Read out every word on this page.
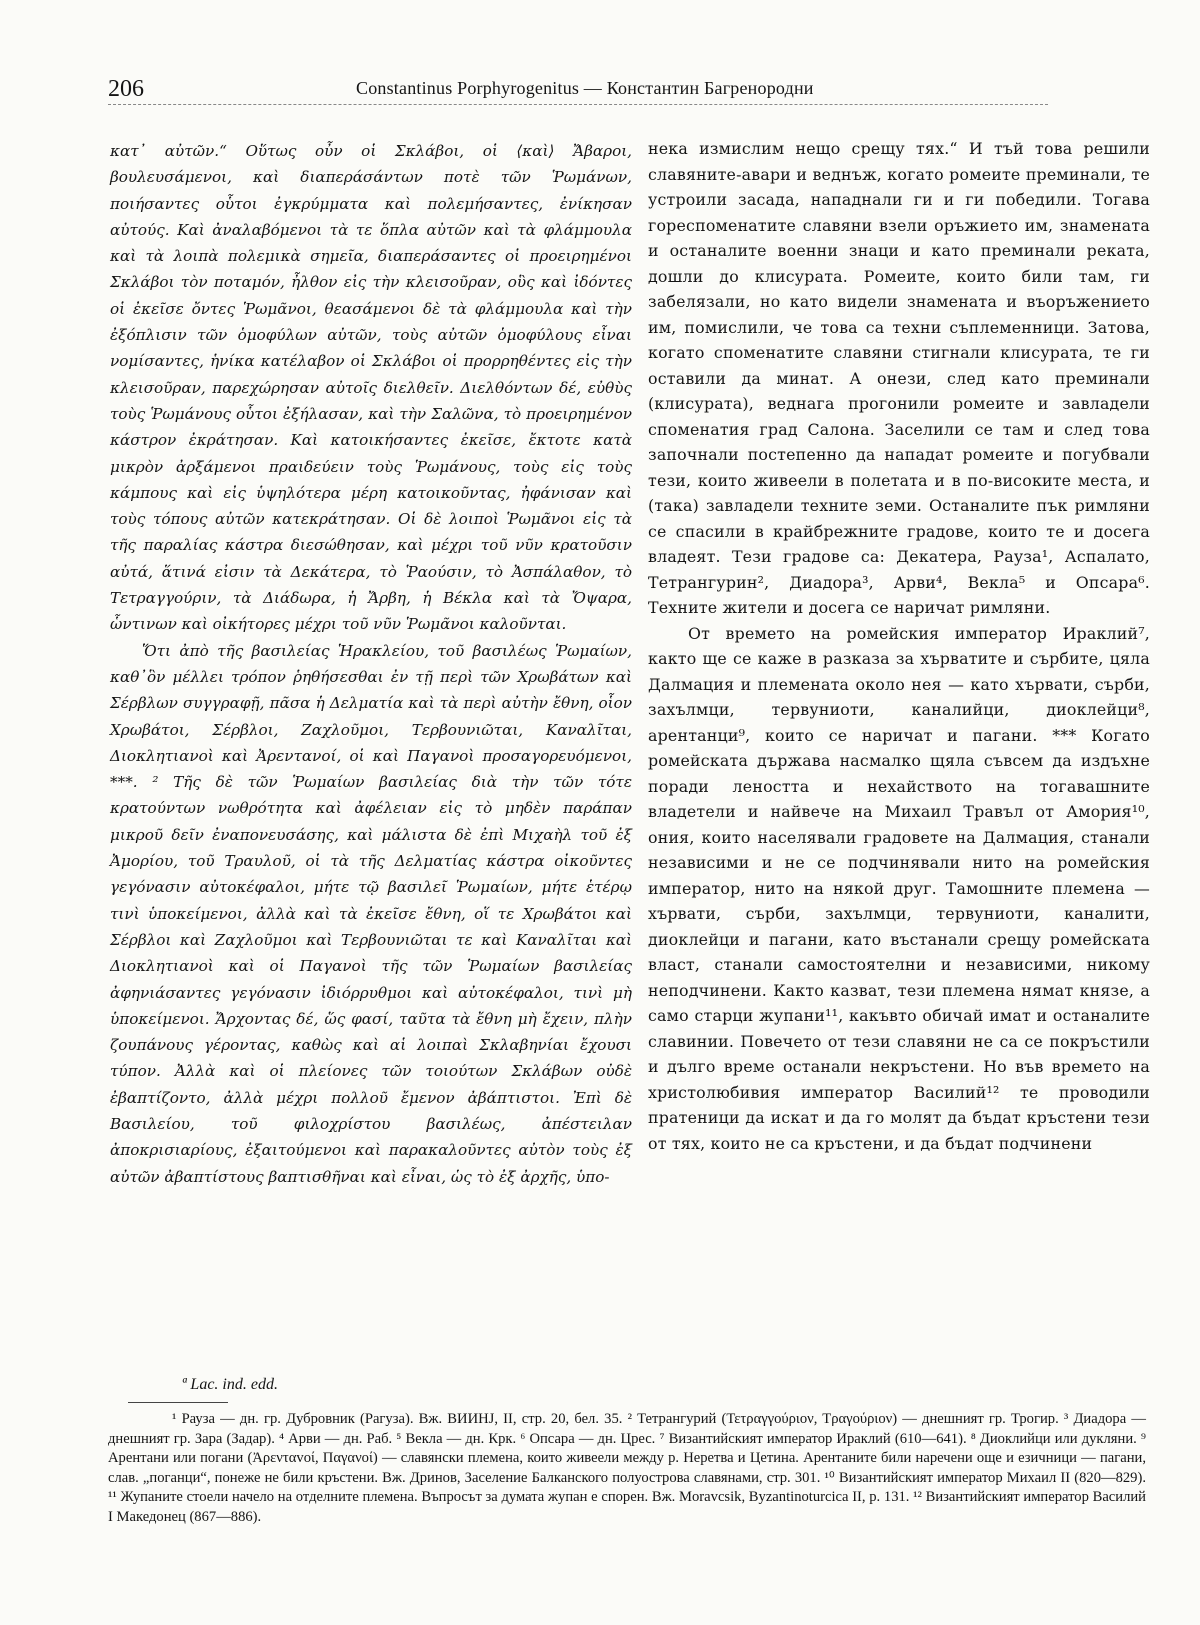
206	Constantinus Porphyrogenitus — Константин Багренородни

κατ᾽ αὐτῶν.“ Οὕτως οὖν οἱ Σκλάβοι, οἱ ⟨καὶ⟩ Ἄβαροι, βουλευσάμενοι, καὶ διαπεράσάντων ποτὲ τῶν Ῥωμάνων, ποιήσαντες οὗτοι ἐγκρύμματα καὶ πολεμήσαντες, ἐνίκησαν αὐτούς. Καὶ ἀναλαβόμενοι τὰ τε ὅπλα αὐτῶν καὶ τὰ φλάμμουλα καὶ τὰ λοιπὰ πολεμικὰ σημεῖα, διαπεράσαντες οἱ προειρημένοι Σκλάβοι τὸν ποταμόν, ἦλθον εἰς τὴν κλεισοῦραν, οὓς καὶ ἰδόντες οἱ ἐκεῖσε ὄντες Ῥωμᾶνοι, θεασάμενοι δὲ τὰ φλάμμουλα καὶ τὴν ἐξόπλισιν τῶν ὁμοφύλων αὐτῶν, τοὺς αὐτῶν ὁμοφύλους εἶναι νομίσαντες, ἡνίκα κατέλαβον οἱ Σκλάβοι οἱ προρρηθέντες εἰς τὴν κλεισοῦραν, παρεχώρησαν αὐτοῖς διελθεῖν. Διελθόντων δέ, εὐθὺς τοὺς Ῥωμάνους οὗτοι ἐξήλασαν, καὶ τὴν Σαλῶνα, τὸ προειρημένον κάστρον ἐκράτησαν. Καὶ κατοικήσαντες ἐκεῖσε, ἔκτοτε κατὰ μικρὸν ἀρξάμενοι πραιδεύειν τοὺς Ῥωμάνους, τοὺς εἰς τοὺς κάμπους καὶ εἰς ὑψηλότερα μέρη κατοικοῦντας, ἠφάνισαν καὶ τοὺς τόπους αὐτῶν κατεκράτησαν. Οἱ δὲ λοιποὶ Ῥωμᾶνοι εἰς τὰ τῆς παραλίας κάστρα διεσώθησαν, καὶ μέχρι τοῦ νῦν κρατοῦσιν αὐτά, ἅτινά εἰσιν τὰ Δεκάτερα, τὸ Ῥαούσιν, τὸ Ἀσπάλαθον, τὸ Τετραγγούριν, τὰ Διάδωρα, ἡ Ἄρβη, ἡ Βέκλα καὶ τὰ Ὄψαρα, ὧντινων καὶ οἰκήτορες μέχρι τοῦ νῦν Ῥωμᾶνοι καλοῦνται.

Ὅτι ἀπὸ τῆς βασιλείας Ἡρακλείου, τοῦ βασιλέως Ῥωμαίων, καθ᾽ὃν μέλλει τρόπον ῥηθήσεσθαι ἐν τῇ περὶ τῶν Χρωβάτων καὶ Σέρβλων συγγραφῇ, πᾶσα ἡ Δελματία καὶ τὰ περὶ αὐτὴν ἔθνη, οἷον Χρωβάτοι, Σέρβλοι, Ζαχλοῦμοι, Τερβουνιῶται, Καναλῖται, Διοκλητιανοὶ καὶ Ἀρεντανοί, οἱ καὶ Παγανοὶ προσαγορευόμενοι, ***. ² Τῆς δὲ τῶν Ῥωμαίων βασιλείας διὰ τὴν τῶν τότε κρατούντων νωθρότητα καὶ ἀφέλειαν εἰς τὸ μηδὲν παράπαν μικροῦ δεῖν ἐναπονευσάσης, καὶ μάλιστα δὲ ἐπὶ Μιχαὴλ τοῦ ἐξ Ἀμορίου, τοῦ Τραυλοῦ, οἱ τὰ τῆς Δελματίας κάστρα οἰκοῦντες γεγόνασιν αὐτοκέφαλοι, μήτε τῷ βασιλεῖ Ῥωμαίων, μήτε ἑτέρῳ τινὶ ὑποκείμενοι, ἀλλὰ καὶ τὰ ἐκεῖσε ἔθνη, οἵ τε Χρωβάτοι καὶ Σέρβλοι καὶ Ζαχλοῦμοι καὶ Τερβουνιῶται τε καὶ Καναλῖται καὶ Διοκλητιανοὶ καὶ οἱ Παγανοὶ τῆς τῶν Ῥωμαίων βασιλείας ἀφηνιάσαντες γεγόνασιν ἰδιόρρυθμοι καὶ αὐτοκέφαλοι, τινὶ μὴ ὑποκείμενοι. Ἄρχοντας δέ, ὥς φασί, ταῦτα τὰ ἔθνη μὴ ἔχειν, πλὴν ζουπάνους γέροντας, καθὼς καὶ αἱ λοιπαὶ Σκλαβηνίαι ἔχουσι τύπον. Ἀλλὰ καὶ οἱ πλείονες τῶν τοιούτων Σκλάβων οὐδὲ ἐβαπτίζοντο, ἀλλὰ μέχρι πολλοῦ ἔμενον ἀβάπτιστοι. Ἐπὶ δὲ Βασιλείου, τοῦ φιλοχρίστου βασιλέως, ἀπέστειλαν ἀποκρισιαρίους, ἐξαιτούμενοι καὶ παρακαλοῦντες αὐτὸν τοὺς ἐξ αὐτῶν ἀβαπτίστους βαπτισθῆναι καὶ εἶναι, ὡς τὸ ἐξ ἀρχῆς, ὑπο-

нека измислим нещо срещу тях.“ И тъй това решили славяните-авари и веднъж, когато ромеите преминали, те устроили засада, нападнали ги и ги победили. Тогава гореспоменатите славяни взели оръжието им, знамената и останалите военни знаци и като преминали реката, дошли до клисурата. Ромеите, които били там, ги забелязали, но като видели знамената и въоръжението им, помислили, че това са техни съплеменници. Затова, когато споменатите славяни стигнали клисурата, те ги оставили да минат. А онези, след като преминали (клисурата), веднага прогонили ромеите и завладели споменатия град Салона. Заселили се там и след това започнали постепенно да нападат ромеите и погубвали тези, които живеели в полетата и в по-високите места, и (така) завладели техните земи. Останалите пък римляни се спасили в крайбрежните градове, които те и досега владеят. Тези градове са: Декатера, Рауза¹, Аспалато, Тетрангурин², Диадора³, Арви⁴, Векла⁵ и Опсара⁶. Техните жители и досега се наричат римляни.

От времето на ромейския император Ираклий⁷, както ще се каже в разказа за хърватите и сърбите, цяла Далмация и племената около нея — като хървати, сърби, захълмци, тервуниоти, каналийци, диоклейци⁸, арентанци⁹, които се наричат и пагани. *** Когато ромейската държава насмалко щяла съвсем да издъхне поради леността и нехайството на тогавашните владетели и найвече на Михаил Травъл от Амория¹⁰, ония, които населявали градовете на Далмация, станали независими и не се подчинявали нито на ромейския император, нито на някой друг. Тамошните племена — хървати, сърби, захълмци, тервуниоти, каналити, диоклейци и пагани, като въстанали срещу ромейската власт, станали самостоятелни и независими, никому неподчинени. Както казват, тези племена нямат князе, а само старци жупани¹¹, какъвто обичай имат и останалите славинии. Повечето от тези славяни не са се покръстили и дълго време останали некръстени. Но във времето на христолюбивия император Василий¹² те проводили пратеници да искат и да го молят да бъдат кръстени тези от тях, които не са кръстени, и да бъдат подчинени

ª Lac. ind. edd.

¹ Рауза — дн. гр. Дубровник (Рагуза). Вж. ВИИНЈ, II, стр. 20, бел. 35. ² Тетрангурий (Τετραγγούριον, Τραγούριον) — днешният гр. Трогир. ³ Диадора — днешният гр. Зара (Задар). ⁴ Арви — дн. Раб. ⁵ Векла — дн. Крк. ⁶ Опсара — дн. Црес. ⁷ Византийският император Ираклий (610—641). ⁸ Диоклийци или дукляни. ⁹ Арентани или погани (Ἀρενταvοί, Παγανοί) — славянски племена, които живеели между р. Неретва и Цетина. Арентаните били наречени още и езичници — пагани, слав. „поганци“, понеже не били кръстени. Вж. Дринов, Заселение Балканского полуострова славянами, стр. 301. ¹⁰ Византийският император Михаил II (820—829). ¹¹ Жупаните стоели начело на отделните племена. Въпросът за думата жупан е спорен. Вж. Moravcsik, Byzantinoturcica II, p. 131. ¹² Византийският император Василий I Македонец (867—886).
